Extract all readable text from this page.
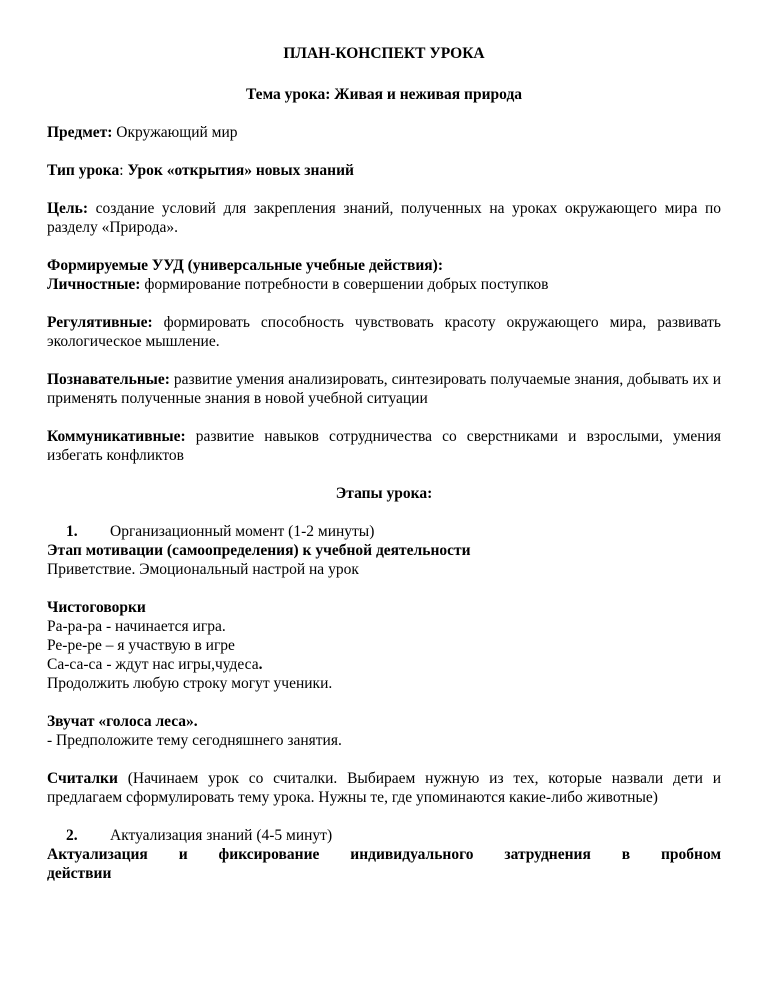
ПЛАН-КОНСПЕКТ УРОКА

Тема урока: Живая и неживая природа

Предмет: Окружающий мир

Тип урока: Урок «открытия» новых знаний

Цель: создание условий для закрепления знаний, полученных на уроках окружающего мира по разделу «Природа».

Формируемые УУД (универсальные учебные действия):

Личностные: формирование потребности в совершении добрых поступков

Регулятивные: формировать способность чувствовать красоту окружающего мира, развивать экологическое мышление.

Познавательные: развитие умения анализировать, синтезировать получаемые знания, добывать их и применять полученные знания в новой учебной ситуации

Коммуникативные: развитие навыков сотрудничества со сверстниками и взрослыми, умения избегать конфликтов

Этапы урока:

1. Организационный момент (1-2 минуты)

Этап мотивации (самоопределения) к учебной деятельности

Приветствие. Эмоциональный настрой на урок

Чистоговорки

Ра-ра-ра - начинается игра.

Ре-ре-ре – я участвую в игре

Са-са-са - ждут нас игры,чудеса.

Продолжить любую строку могут ученики.

Звучат «голоса леса».

- Предположите тему сегодняшнего занятия.

Считалки (Начинаем урок со считалки. Выбираем нужную из тех, которые назвали дети и предлагаем сформулировать тему урока. Нужны те, где упоминаются какие-либо животные)

2. Актуализация знаний (4-5 минут)

Актуализация и фиксирование индивидуального затруднения в пробном

действии
